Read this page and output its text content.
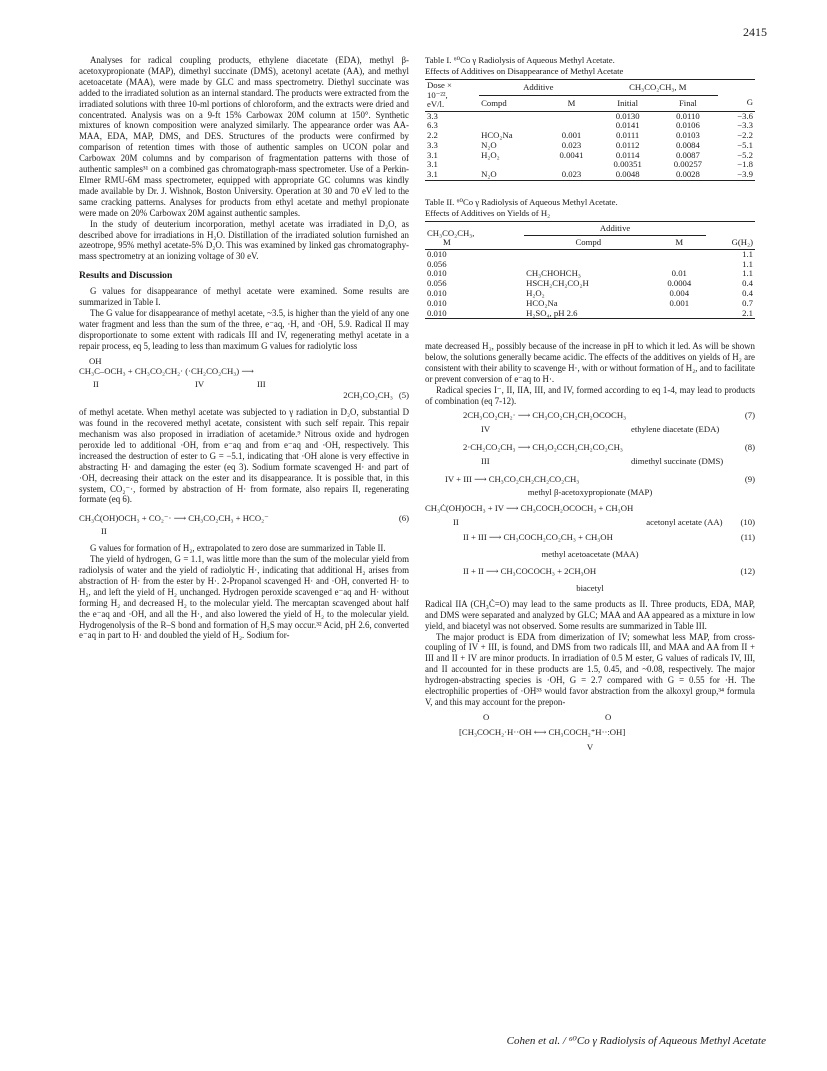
2415

Analyses for radical coupling products, ethylene diacetate (EDA), methyl β-acetoxypropionate (MAP), dimethyl succinate (DMS), acetonyl acetate (AA), and methyl acetoacetate (MAA), were made by GLC and mass spectrometry. Diethyl succinate was added to the irradiated solution as an internal standard. The products were extracted from the irradiated solutions with three 10-ml portions of chloroform, and the extracts were dried and concentrated. Analysis was on a 9-ft 15% Carbowax 20M column at 150°. Synthetic mixtures of known composition were analyzed similarly. The appearance order was AA-MAA, EDA, MAP, DMS, and DES. Structures of the products were confirmed by comparison of retention times with those of authentic samples on UCON polar and Carbowax 20M columns and by comparison of fragmentation patterns with those of authentic samples³¹ on a combined gas chromatograph-mass spectrometer. Use of a Perkin-Elmer RMU-6M mass spectrometer, equipped with appropriate GC columns was kindly made available by Dr. J. Wishnok, Boston University. Operation at 30 and 70 eV led to the same cracking patterns. Analyses for products from ethyl acetate and methyl propionate were made on 20% Carbowax 20M against authentic samples.

In the study of deuterium incorporation, methyl acetate was irradiated in D₂O, as described above for irradiations in H₂O. Distillation of the irradiated solution furnished an azeotrope, 95% methyl acetate-5% D₂O. This was examined by linked gas chromatography-mass spectrometry at an ionizing voltage of 30 eV.

Results and Discussion

G values for disappearance of methyl acetate were examined. Some results are summarized in Table I.

The G value for disappearance of methyl acetate, ~3.5, is higher than the yield of any one water fragment and less than the sum of the three, e⁻aq, ·H, and ·OH, 5.9. Radical II may disproportionate to some extent with radicals III and IV, regenerating methyl acetate in a repair process, eq 5, leading to less than maximum G values for radiolytic loss

OH
CH₃C–OCH₃ + CH₃CO₂CH₂· (·CH₂CO₂CH₃) ⟶
II	IV	III
2CH₃CO₂CH₃ (5)

of methyl acetate. When methyl acetate was subjected to γ radiation in D₂O, substantial D was found in the recovered methyl acetate, consistent with such self repair. This repair mechanism was also proposed in irradiation of acetamide.⁹ Nitrous oxide and hydrogen peroxide led to additional ·OH, from e⁻aq and from e⁻aq and ·OH, respectively. This increased the destruction of ester to G = −5.1, indicating that ·OH alone is very effective in abstracting H· and damaging the ester (eq 3). Sodium formate scavenged H· and part of ·OH, decreasing their attack on the ester and its disappearance. It is possible that, in this system, CO₂⁻·, formed by abstraction of H· from formate, also repairs II, regenerating formate (eq 6).

CH₃Ċ(OH)OCH₃ + CO₂⁻· ⟶ CH₃CO₂CH₃ + HCO₂⁻	(6)
II

G values for formation of H₂, extrapolated to zero dose are summarized in Table II.

The yield of hydrogen, G = 1.1, was little more than the sum of the molecular yield from radiolysis of water and the yield of radiolytic H·, indicating that additional H₂ arises from abstraction of H· from the ester by H·. 2-Propanol scavenged H· and ·OH, converted H· to H₂, and left the yield of H₂ unchanged. Hydrogen peroxide scavenged e⁻aq and H· without forming H₂ and decreased H₂ to the molecular yield. The mercaptan scavenged about half the e⁻aq and ·OH, and all the H·, and also lowered the yield of H₂ to the molecular yield. Hydrogenolysis of the R–S bond and formation of H₂S may occur.³² Acid, pH 2.6, converted e⁻aq in part to H· and doubled the yield of H₂. Sodium for-

Table I. ⁶⁰Co γ Radiolysis of Aqueous Methyl Acetate.
Effects of Additives on Disappearance of Methyl Acetate
Dose ×
10⁻²²,
eV/l.	Additive		CH₃CO₂CH₃, M		
	Compd	M	Initial	Final	G
3.3			0.0130	0.0110	−3.6
6.3			0.0141	0.0106	−3.3
2.2	HCO₂Na	0.001	0.0111	0.0103	−2.2
3.3	N₂O	0.023	0.0112	0.0084	−5.1
3.1	H₂O₂	0.0041	0.0114	0.0087	−5.2
3.1			0.00351	0.00257	−1.8
3.1	N₂O	0.023	0.0048	0.0028	−3.9
Table II. ⁶⁰Co γ Radiolysis of Aqueous Methyl Acetate.
Effects of Additives on Yields of H₂
CH₃CO₂CH₃,
M	Additive		
	Compd	M	G(H₂)
0.010			1.1
0.056			1.1
0.010	CH₃CHOHCH₃	0.01	1.1
0.056	HSCH₂CH₂CO₂H	0.0004	0.4
0.010	H₂O₂	0.004	0.4
0.010	HCO₂Na	0.001	0.7
0.010	H₂SO₄, pH 2.6		2.1

mate decreased H₂, possibly because of the increase in pH to which it led. As will be shown below, the solutions generally became acidic. The effects of the additives on yields of H₂ are consistent with their ability to scavenge H·, with or without formation of H₂, and to facilitate or prevent conversion of e⁻aq to H·.

Radical species I⁻, II, IIA, III, and IV, formed according to eq 1-4, may lead to products of combination (eq 7-12).

2CH₃CO₂CH₂· ⟶ CH₃CO₂CH₂CH₂OCOCH₃	(7)
IV	ethylene diacetate (EDA)
2·CH₂CO₂CH₃ ⟶ CH₃O₂CCH₂CH₂CO₂CH₃	(8)
III	dimethyl succinate (DMS)
IV + III ⟶ CH₃CO₂CH₂CH₂CO₂CH₃	(9)
methyl β-acetoxypropionate (MAP)
CH₃Ċ(OH)OCH₃ + IV ⟶ CH₃COCH₂OCOCH₃ + CH₃OH
II	acetonyl acetate (AA) (10)
II + III ⟶ CH₃COCH₂CO₂CH₃ + CH₃OH	(11)
methyl acetoacetate (MAA)
II + II ⟶ CH₃COCOCH₃ + 2CH₃OH	(12)
biacetyl

Radical IIA (CH₃Ċ=O) may lead to the same products as II. Three products, EDA, MAP, and DMS were separated and analyzed by GLC; MAA and AA appeared as a mixture in low yield, and biacetyl was not observed. Some results are summarized in Table III.

The major product is EDA from dimerization of IV; somewhat less MAP, from cross-coupling of IV + III, is found, and DMS from two radicals III, and MAA and AA from II + III and II + IV are minor products. In irradiation of 0.5 M ester, G values of radicals IV, III, and II accounted for in these products are 1.5, 0.45, and ~0.08, respectively. The major hydrogen-abstracting species is ·OH, G = 2.7 compared with G = 0.55 for ·H. The electrophilic properties of ·OH³³ would favor abstraction from the alkoxyl group,³⁴ formula V, and this may account for the prepon-

O	O
[CH₃COCH₂·H··OH ⟷ CH₃COCH₂⁺H··:OH]
V
Cohen et al. / ⁶⁰Co γ Radiolysis of Aqueous Methyl Acetate
